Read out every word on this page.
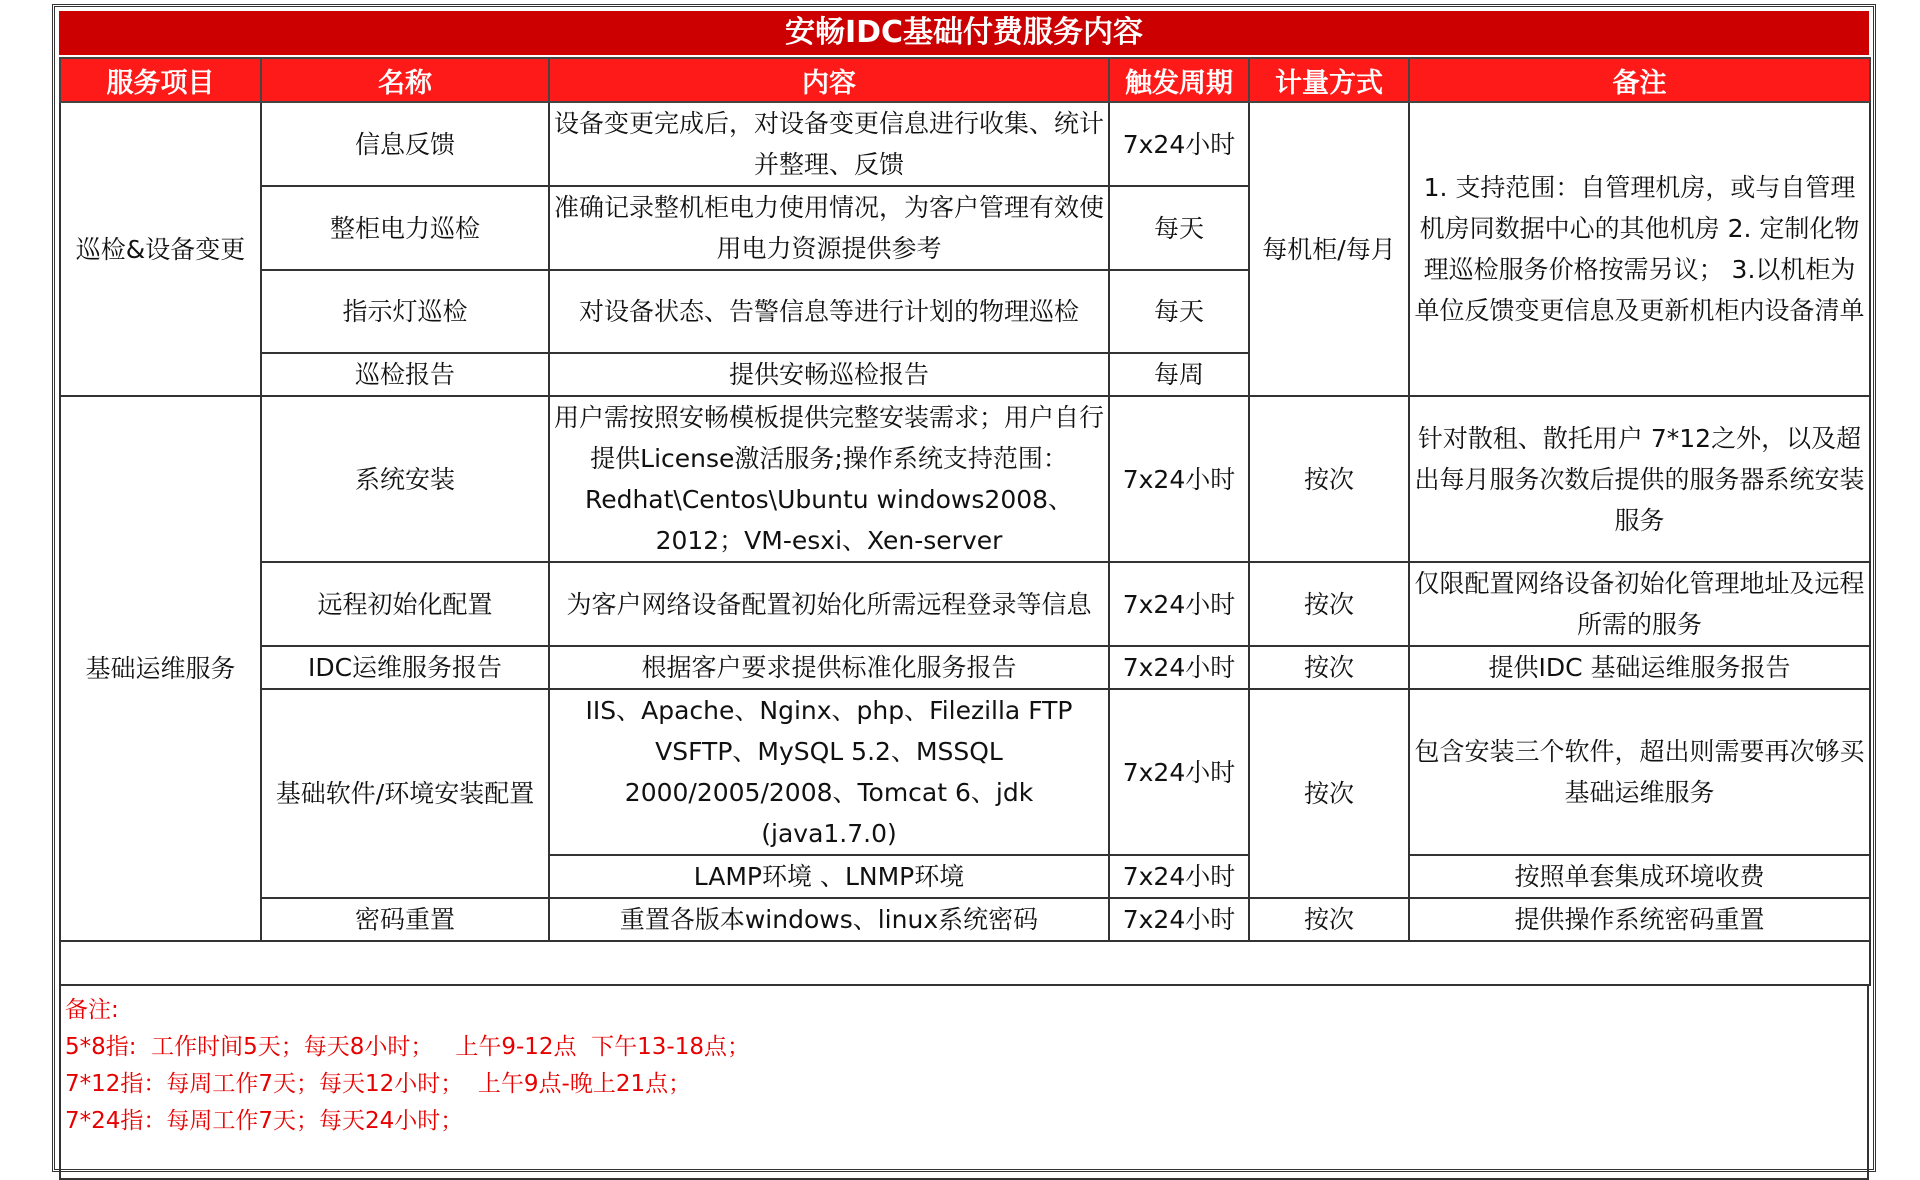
安畅IDC基础付费服务内容
服务项目	名称	内容	触发周期	计量方式	备注
巡检&设备变更	信息反馈	设备变更完成后，对设备变更信息进行收集、统计并整理、反馈	7x24小时	每机柜/每月	1. 支持范围：自管理机房，或与自管理机房同数据中心的其他机房 2. 定制化物理巡检服务价格按需另议； 3.以机柜为单位反馈变更信息及更新机柜内设备清单
	整柜电力巡检	准确记录整机柜电力使用情况，为客户管理有效使用电力资源提供参考	每天		
	指示灯巡检	对设备状态、告警信息等进行计划的物理巡检	每天		
	巡检报告	提供安畅巡检报告	每周		
基础运维服务	系统安装	用户需按照安畅模板提供完整安装需求；用户自行提供License激活服务;操作系统支持范围：Redhat\Centos\Ubuntu windows2008、2012；VM-esxi、Xen-server	7x24小时	按次	针对散租、散托用户 7*12之外，以及超出每月服务次数后提供的服务器系统安装服务
	远程初始化配置	为客户网络设备配置初始化所需远程登录等信息	7x24小时	按次	仅限配置网络设备初始化管理地址及远程所需的服务
	IDC运维服务报告	根据客户要求提供标准化服务报告	7x24小时	按次	提供IDC 基础运维服务报告
	基础软件/环境安装配置	IIS、Apache、Nginx、php、Filezilla FTP VSFTP、MySQL 5.2、MSSQL 2000/2005/2008、Tomcat 6、jdk (java1.7.0)	7x24小时	按次	包含安装三个软件，超出则需要再次够买基础运维服务
		LAMP环境 、LNMP环境	7x24小时		按照单套集成环境收费
	密码重置	重置各版本windows、linux系统密码	7x24小时	按次	提供操作系统密码重置

备注:
5*8指:  工作时间5天；每天8小时；   上午9-12点  下午13-18点；
7*12指：每周工作7天；每天12小时；  上午9点-晚上21点；
7*24指：每周工作7天；每天24小时；
